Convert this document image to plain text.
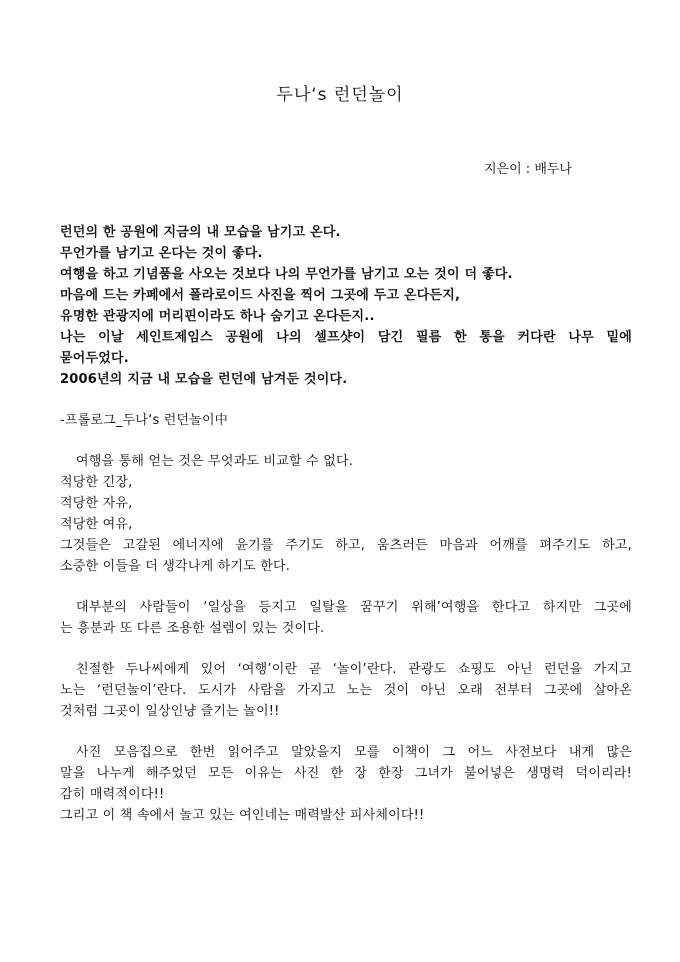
두나‘s 런던놀이
지은이 : 배두나
런던의 한 공원에 지금의 내 모습을 남기고 온다.
무언가를 남기고 온다는 것이 좋다.
여행을 하고 기념품을 사오는 것보다 나의 무언가를 남기고 오는 것이 더 좋다.
마음에 드는 카페에서 폴라로이드 사진을 찍어 그곳에 두고 온다든지,
유명한 관광지에 머리핀이라도 하나 숨기고 온다든지..
나는 이날 세인트제임스 공원에 나의 셀프샷이 담긴 필름 한 통을 커다란 나무 밑에
묻어두었다.
2006년의 지금 내 모습을 런던에 남겨둔 것이다.
-프롤로그_두나‘s 런던놀이中
여행을 통해 얻는 것은 무엇과도 비교할 수 없다.
적당한 긴장,
적당한 자유,
적당한 여유,
그것들은 고갈된 에너지에 윤기를 주기도 하고, 움츠러든 마음과 어깨를 펴주기도 하고,
소중한 이들을 더 생각나게 하기도 한다.
대부분의 사람들이 ‘일상을 등지고 일탈을 꿈꾸기 위해’여행을 한다고 하지만 그곳에
는 흥분과 또 다른 조용한 설렘이 있는 것이다.
친절한 두나씨에게 있어 ‘여행’이란 곧 ‘놀이’란다. 관광도 쇼핑도 아닌 런던을 가지고
노는 ‘런던놀이’란다. 도시가 사람을 가지고 노는 것이 아닌 오래 전부터 그곳에 살아온
것처럼 그곳이 일상인냥 즐기는 놀이!!
사진 모음집으로 한번 읽어주고 말았을지 모를 이책이 그 어느 사전보다 내게 많은
말을 나누게 해주었던 모든 이유는 사진 한 장 한장 그녀가 불어넣은 생명력 덕이리라!
감히 매력적이다!!
그리고 이 책 속에서 놀고 있는 여인네는 매력발산 피사체이다!!
